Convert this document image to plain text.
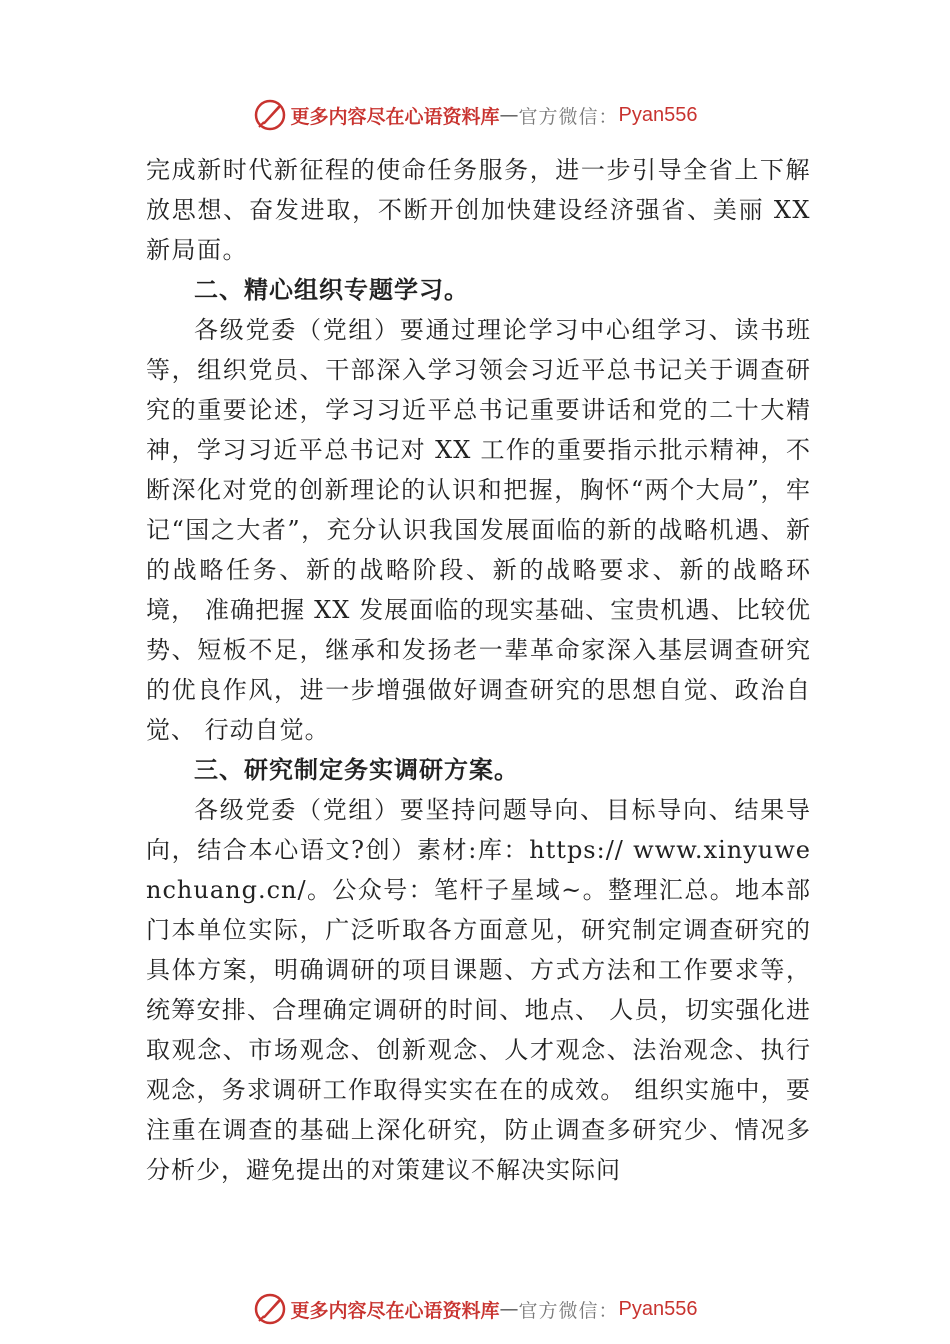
更多内容尽在心语资料库 — 官方微信： Pyan556

完成新时代新征程的使命任务服务，进一步引导全省上下解放思想、奋发进取，不断开创加快建设经济强省、美丽 XX 新局面。

二、精心组织专题学习。

各级党委（党组）要通过理论学习中心组学习、读书班等，组织党员、干部深入学习领会习近平总书记关于调查研究的重要论述，学习习近平总书记重要讲话和党的二十大精神，学习习近平总书记对 XX 工作的重要指示批示精神，不断深化对党的创新理论的认识和把握，胸怀“两个大局”，牢记“国之大者”，充分认识我国发展面临的新的战略机遇、新的战略任务、新的战略阶段、新的战略要求、新的战略环境， 准确把握 XX 发展面临的现实基础、宝贵机遇、比较优势、短板不足，继承和发扬老一辈革命家深入基层调查研究的优良作风，进一步增强做好调查研究的思想自觉、政治自觉、 行动自觉。

三、研究制定务实调研方案。

各级党委（党组）要坚持问题导向、目标导向、结果导向，结合本心语文?创）素材:库：https:// www.xinyuwenchuang.cn/。公众号：笔杆子星域~。整理汇总。地本部门本单位实际，广泛听取各方面意见，研究制定调查研究的具体方案，明确调研的项目课题、方式方法和工作要求等，统筹安排、合理确定调研的时间、地点、 人员，切实强化进取观念、市场观念、创新观念、人才观念、法治观念、执行观念，务求调研工作取得实实在在的成效。 组织实施中，要注重在调查的基础上深化研究，防止调查多研究少、情况多分析少，避免提出的对策建议不解决实际问

更多内容尽在心语资料库 — 官方微信： Pyan556
